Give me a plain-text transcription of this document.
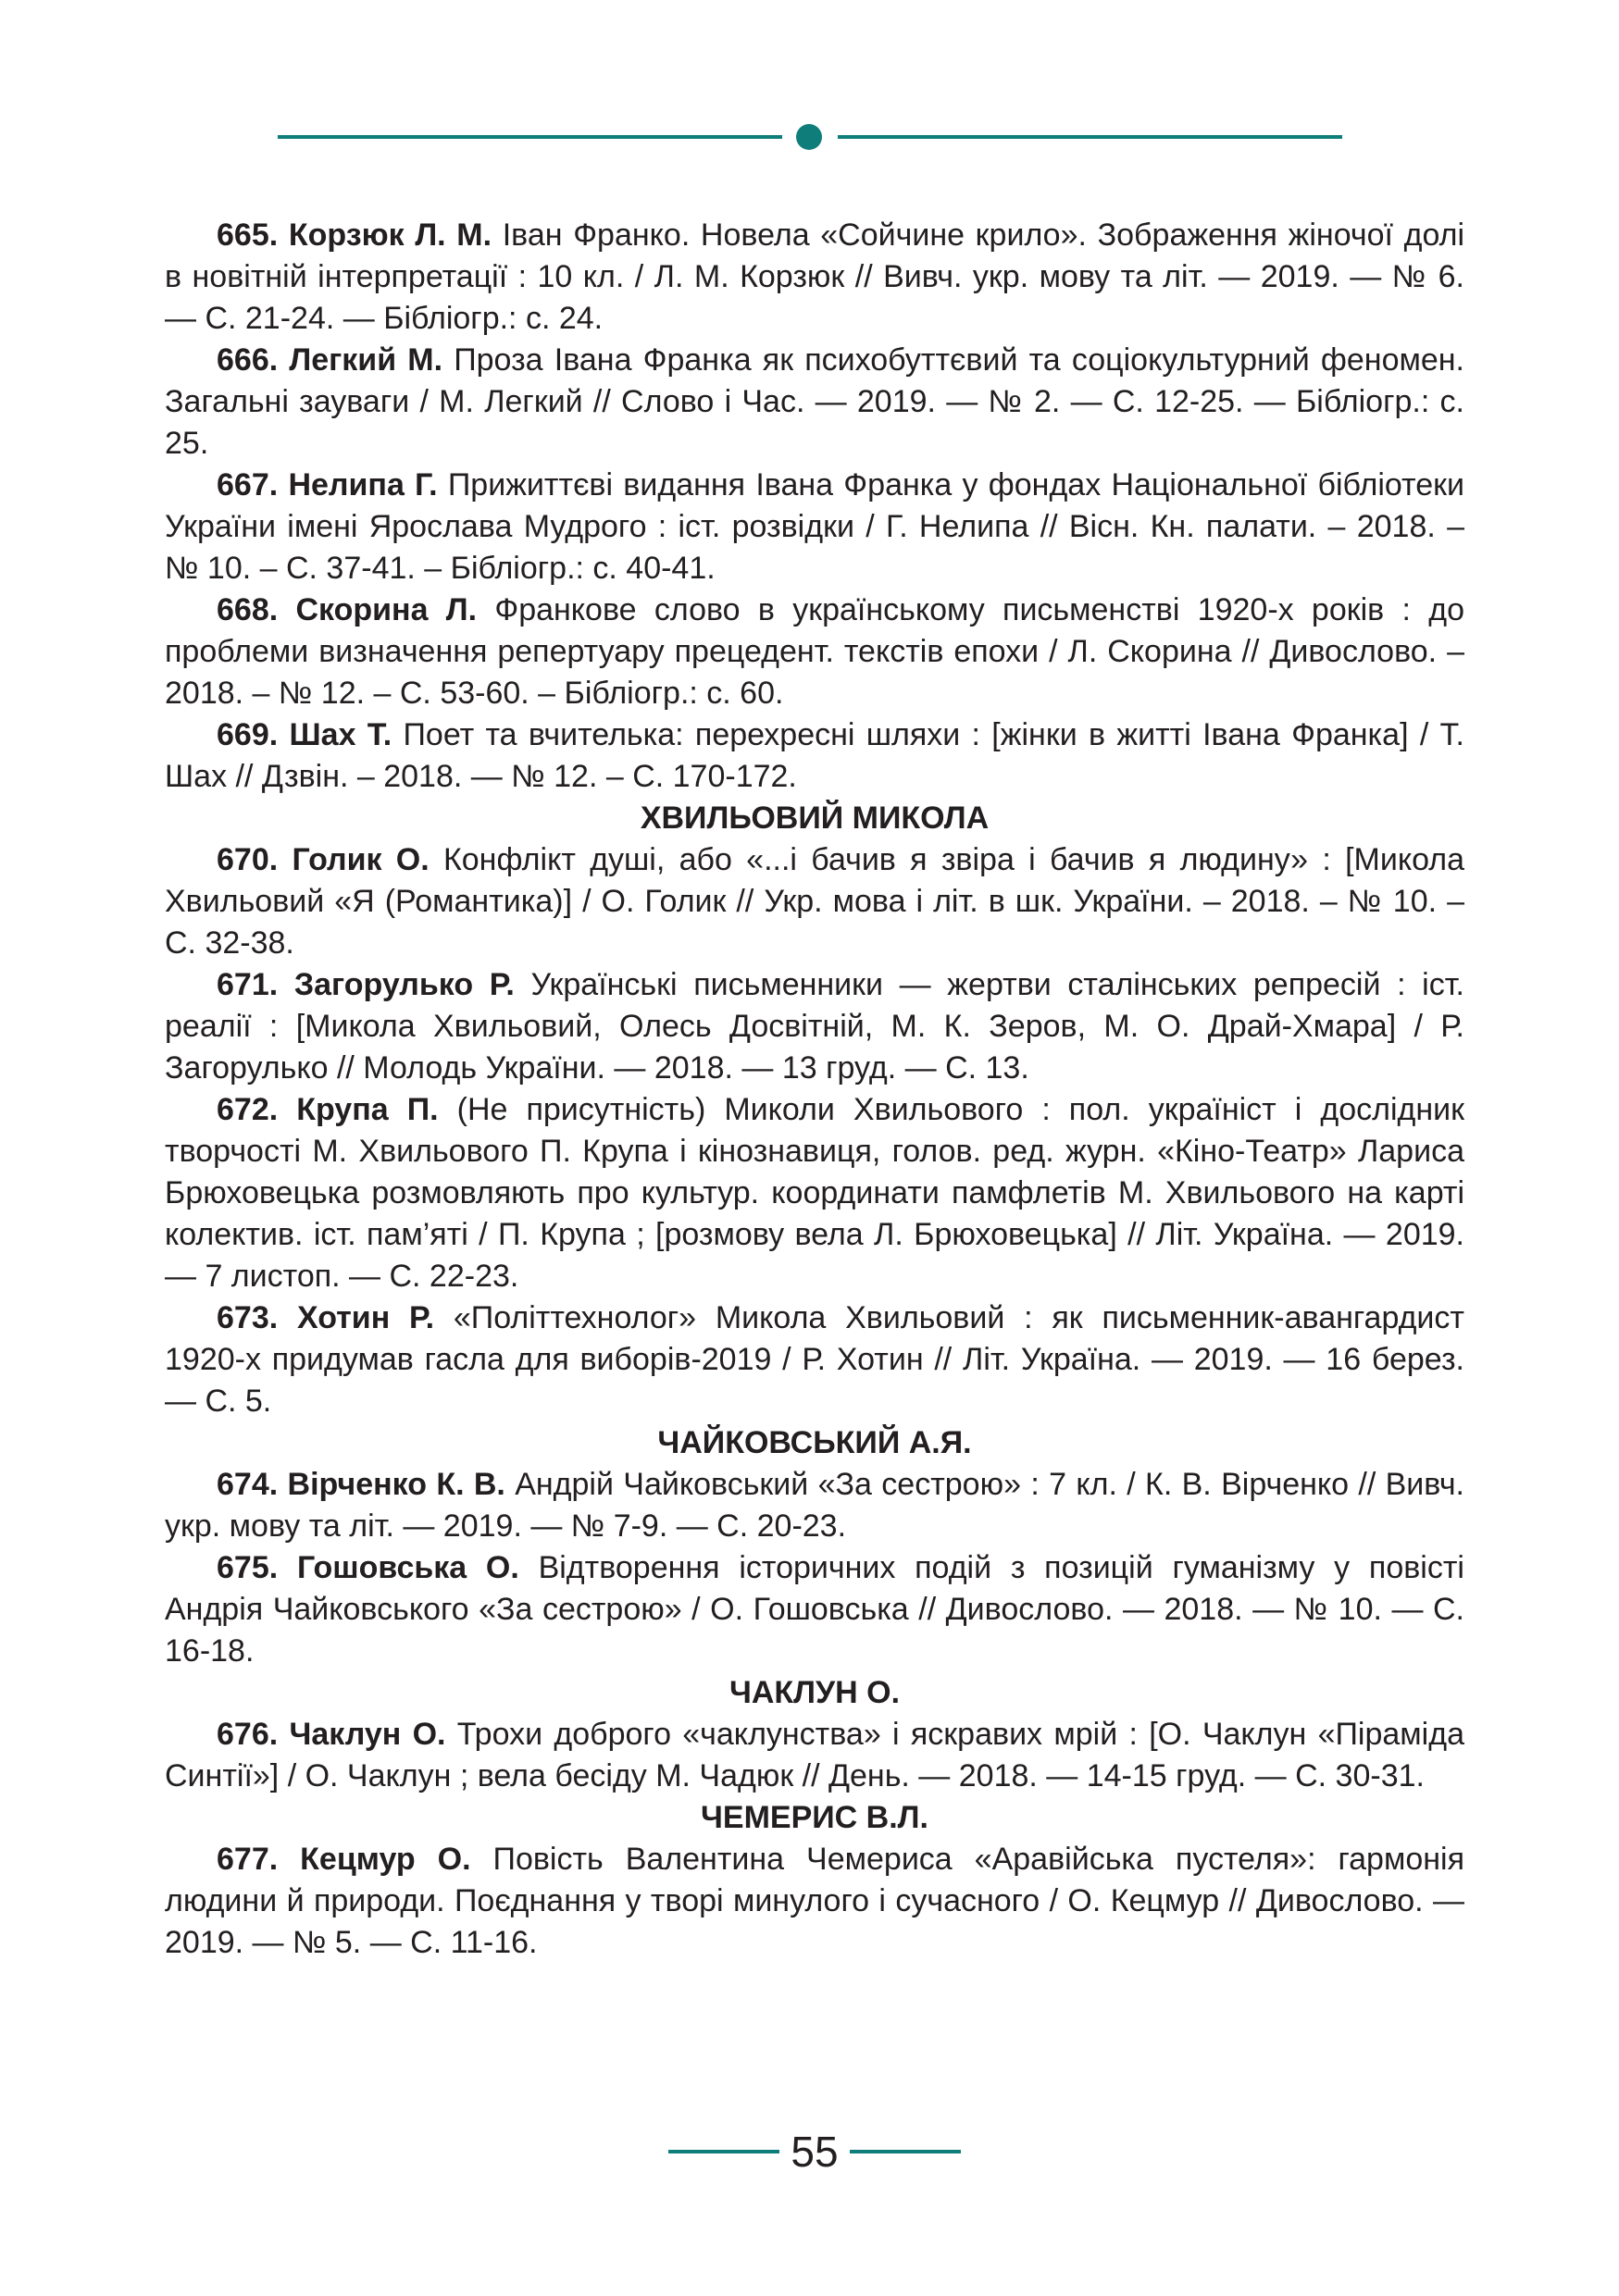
665. Корзюк Л. М. Іван Франко. Новела «Сойчине крило». Зображення жіночої долі в новітній інтерпретації : 10 кл. / Л. М. Корзюк // Вивч. укр. мову та літ. — 2019. — № 6. — С. 21-24. — Бібліогр.: с. 24.

666. Легкий М. Проза Івана Франка як психобуттєвий та соціокультурний феномен. Загальні зауваги / М. Легкий // Слово і Час. — 2019. — № 2. — С. 12-25. — Бібліогр.: с. 25.

667. Нелипа Г. Прижиттєві видання Івана Франка у фондах Національної бібліотеки України імені Ярослава Мудрого : іст. розвідки / Г. Нелипа // Вісн. Кн. палати. – 2018. – № 10. – С. 37-41. – Бібліогр.: с. 40-41.

668. Скорина Л. Франкове слово в українському письменстві 1920-х років : до проблеми визначення репертуару прецедент. текстів епохи / Л. Скорина // Дивослово. – 2018. – № 12. – С. 53-60. – Бібліогр.: с. 60.

669. Шах Т. Поет та вчителька: перехресні шляхи : [жінки в житті Івана Франка] / Т. Шах // Дзвін. – 2018. — № 12. – С. 170-172.

ХВИЛЬОВИЙ МИКОЛА

670. Голик О. Конфлікт душі, або «...і бачив я звіра і бачив я людину» : [Микола Хвильовий «Я (Романтика)] / О. Голик // Укр. мова і літ. в шк. України. – 2018. – № 10. – С. 32-38.

671. Загорулько Р. Українські письменники — жертви сталінських репресій : іст. реалії : [Микола Хвильовий, Олесь Досвітній, М. К. Зеров, М. О. Драй-Хмара] / Р. Загорулько // Молодь України. — 2018. — 13 груд. — С. 13.

672. Крупа П. (Не присутність) Миколи Хвильового : пол. україніст і дослідник творчості М. Хвильового П. Крупа і кінознавиця, голов. ред. журн. «Кіно-Театр» Лариса Брюховецька розмовляють про культур. координати памфлетів М. Хвильового на карті колектив. іст. пам’яті / П. Крупа ; [розмову вела Л. Брюховецька] // Літ. Україна. — 2019. — 7 листоп. — С. 22-23.

673. Хотин Р. «Політтехнолог» Микола Хвильовий : як письменник-авангардист 1920-х придумав гасла для виборів-2019 / Р. Хотин // Літ. Україна. — 2019. — 16 берез. — С. 5.

ЧАЙКОВСЬКИЙ А.Я.

674. Вірченко К. В. Андрій Чайковський «За сестрою» : 7 кл. / К. В. Вірченко // Вивч. укр. мову та літ. — 2019. — № 7-9. — С. 20-23.

675. Гошовська О. Відтворення історичних подій з позицій гуманізму у повісті Андрія Чайковського «За сестрою» / О. Гошовська // Дивослово. — 2018. — № 10. — С. 16-18.

ЧАКЛУН О.

676. Чаклун О. Трохи доброго «чаклунства» і яскравих мрій : [О. Чаклун «Піраміда Синтії»] / О. Чаклун ; вела бесіду М. Чадюк // День. — 2018. — 14-15 груд. — С. 30-31.

ЧЕМЕРИС В.Л.

677. Кецмур О. Повість Валентина Чемериса «Аравійська пустеля»: гармонія людини й природи. Поєднання у творі минулого і сучасного / О. Кецмур // Дивослово. — 2019. — № 5. — С. 11-16.

55
